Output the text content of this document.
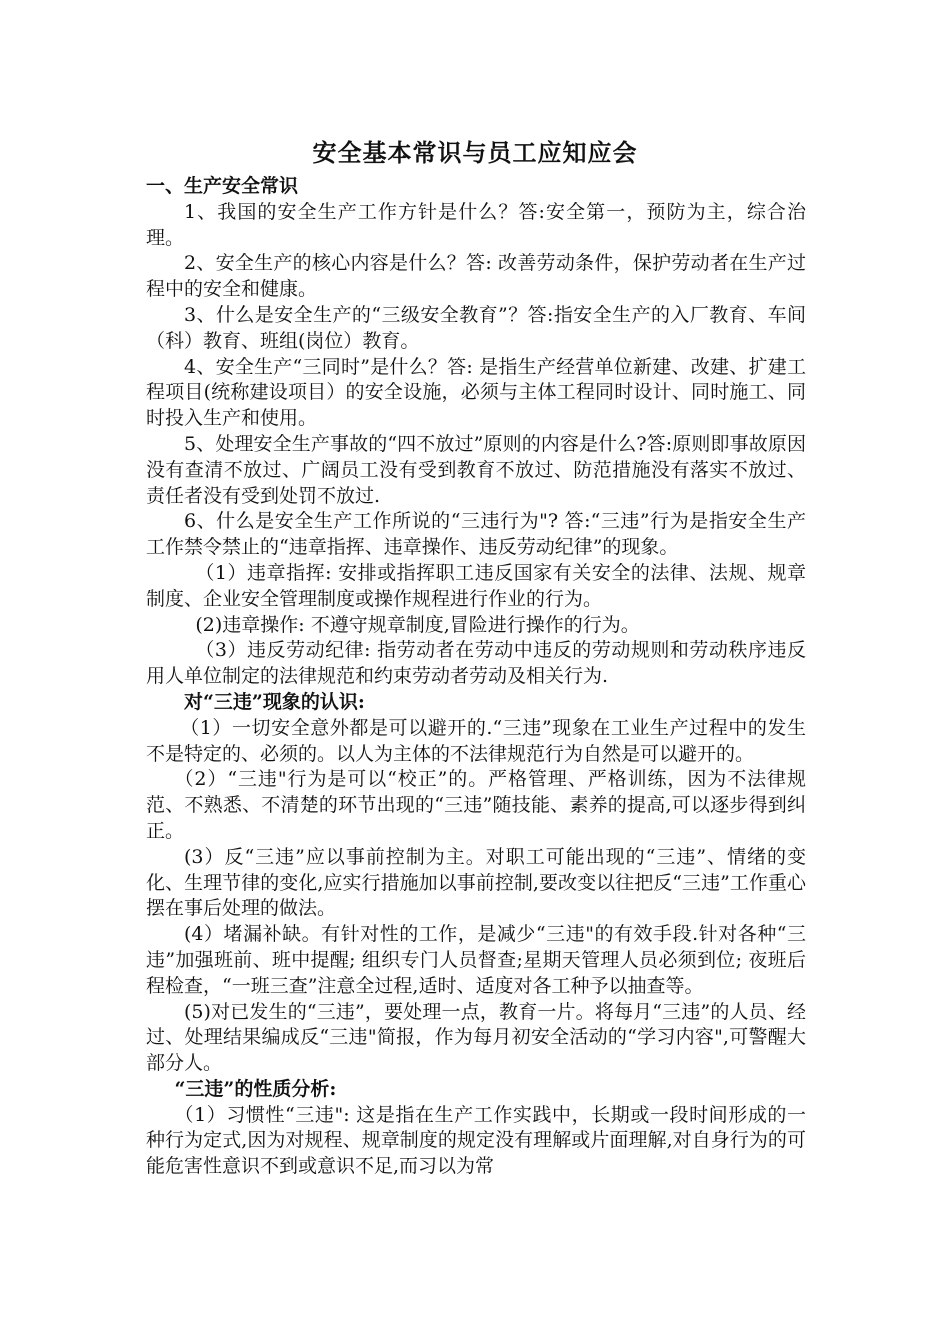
安全基本常识与员工应知应会

一、生产安全常识

1、我国的安全生产工作方针是什么？答:安全第一，预防为主，综合治理。

2、安全生产的核心内容是什么？答: 改善劳动条件，保护劳动者在生产过程中的安全和健康。

3、什么是安全生产的“三级安全教育”？答:指安全生产的入厂教育、车间（科）教育、班组(岗位）教育。

4、安全生产“三同时”是什么？答: 是指生产经营单位新建、改建、扩建工程项目(统称建设项目）的安全设施，必须与主体工程同时设计、同时施工、同时投入生产和使用。

5、处理安全生产事故的“四不放过”原则的内容是什么?答:原则即事故原因没有查清不放过、广阔员工没有受到教育不放过、防范措施没有落实不放过、责任者没有受到处罚不放过.

6、什么是安全生产工作所说的“三违行为"? 答:“三违”行为是指安全生产工作禁令禁止的“违章指挥、违章操作、违反劳动纪律”的现象。

（1）违章指挥: 安排或指挥职工违反国家有关安全的法律、法规、规章制度、企业安全管理制度或操作规程进行作业的行为。

(2)违章操作: 不遵守规章制度,冒险进行操作的行为。

（3）违反劳动纪律: 指劳动者在劳动中违反的劳动规则和劳动秩序违反用人单位制定的法律规范和约束劳动者劳动及相关行为.

对“三违”现象的认识:

（1）一切安全意外都是可以避开的.“三违”现象在工业生产过程中的发生不是特定的、必须的。以人为主体的不法律规范行为自然是可以避开的。

（2）“三违"行为是可以“校正”的。严格管理、严格训练，因为不法律规范、不熟悉、不清楚的环节出现的“三违”随技能、素养的提高,可以逐步得到纠正。

(3）反“三违”应以事前控制为主。对职工可能出现的“三违”、情绪的变化、生理节律的变化,应实行措施加以事前控制,要改变以往把反“三违”工作重心摆在事后处理的做法。

(4）堵漏补缺。有针对性的工作，是减少“三违"的有效手段.针对各种“三违”加强班前、班中提醒; 组织专门人员督查;星期天管理人员必须到位; 夜班后程检查，“一班三查”注意全过程,适时、适度对各工种予以抽查等。

(5)对已发生的“三违”，要处理一点，教育一片。将每月“三违”的人员、经过、处理结果编成反“三违"简报，作为每月初安全活动的“学习内容",可警醒大部分人。

“三违”的性质分析:

（1）习惯性“三违": 这是指在生产工作实践中，长期或一段时间形成的一种行为定式,因为对规程、规章制度的规定没有理解或片面理解,对自身行为的可能危害性意识不到或意识不足,而习以为常
